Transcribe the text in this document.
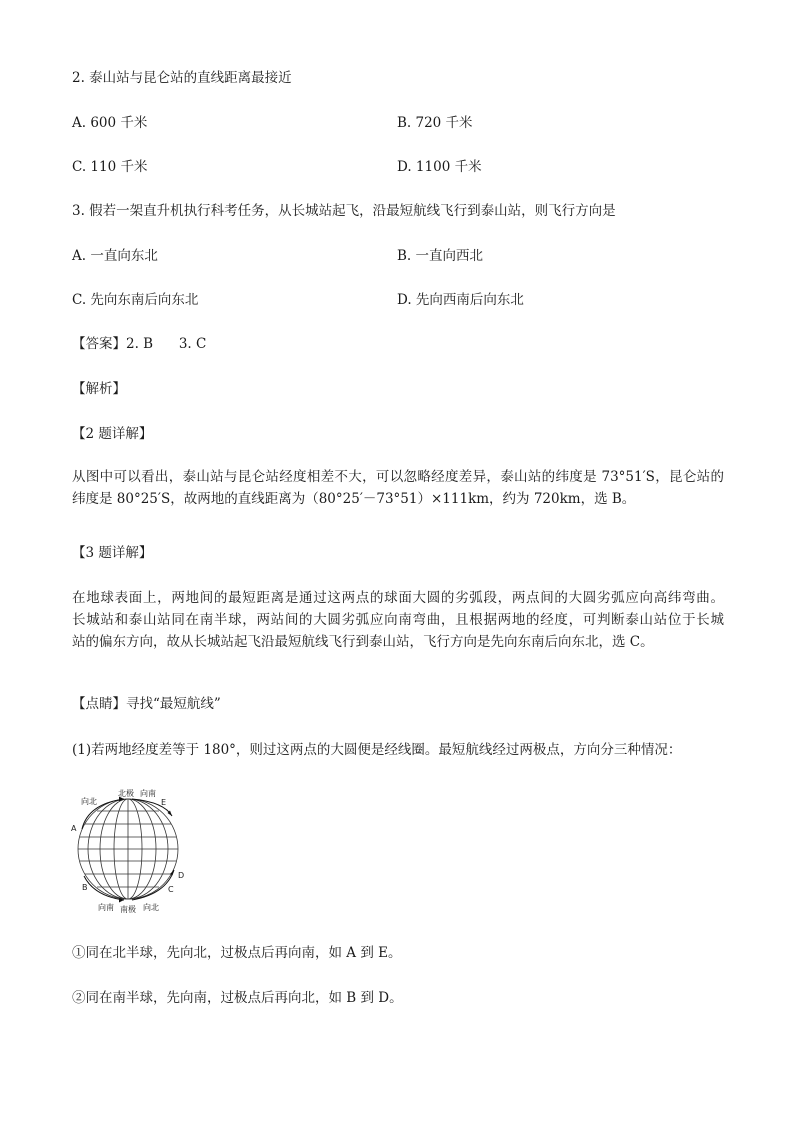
2. 泰山站与昆仑站的直线距离最接近
A. 600 千米	B. 720 千米
C. 110 千米	D. 1100 千米
3. 假若一架直升机执行科考任务，从长城站起飞，沿最短航线飞行到泰山站，则飞行方向是
A. 一直向东北	B. 一直向西北
C. 先向东南后向东北	D. 先向西南后向东北
【答案】2. B      3. C
【解析】
【2 题详解】

从图中可以看出，泰山站与昆仑站经度相差不大，可以忽略经度差异，泰山站的纬度是 73°51′S，昆仑站的

纬度是 80°25′S，故两地的直线距离为（80°25′－73°51）×111km，约为 720km，选 B。

【3 题详解】

在地球表面上，两地间的最短距离是通过这两点的球面大圆的劣弧段，两点间的大圆劣弧应向高纬弯曲。

长城站和泰山站同在南半球，两站间的大圆劣弧应向南弯曲，且根据两地的经度，可判断泰山站位于长城

站的偏东方向，故从长城站起飞沿最短航线飞行到泰山站，飞行方向是先向东南后向东北，选 C。

【点睛】寻找“最短航线”
(1)若两地经度差等于 180°，则过这两点的大圆便是经线圈。最短航线经过两极点，方向分三种情况：
北极 向南
向北	E
A
D
B	C
向南 南极 向北
①同在北半球，先向北，过极点后再向南，如 A 到 E。
②同在南半球，先向南，过极点后再向北，如 B 到 D。
